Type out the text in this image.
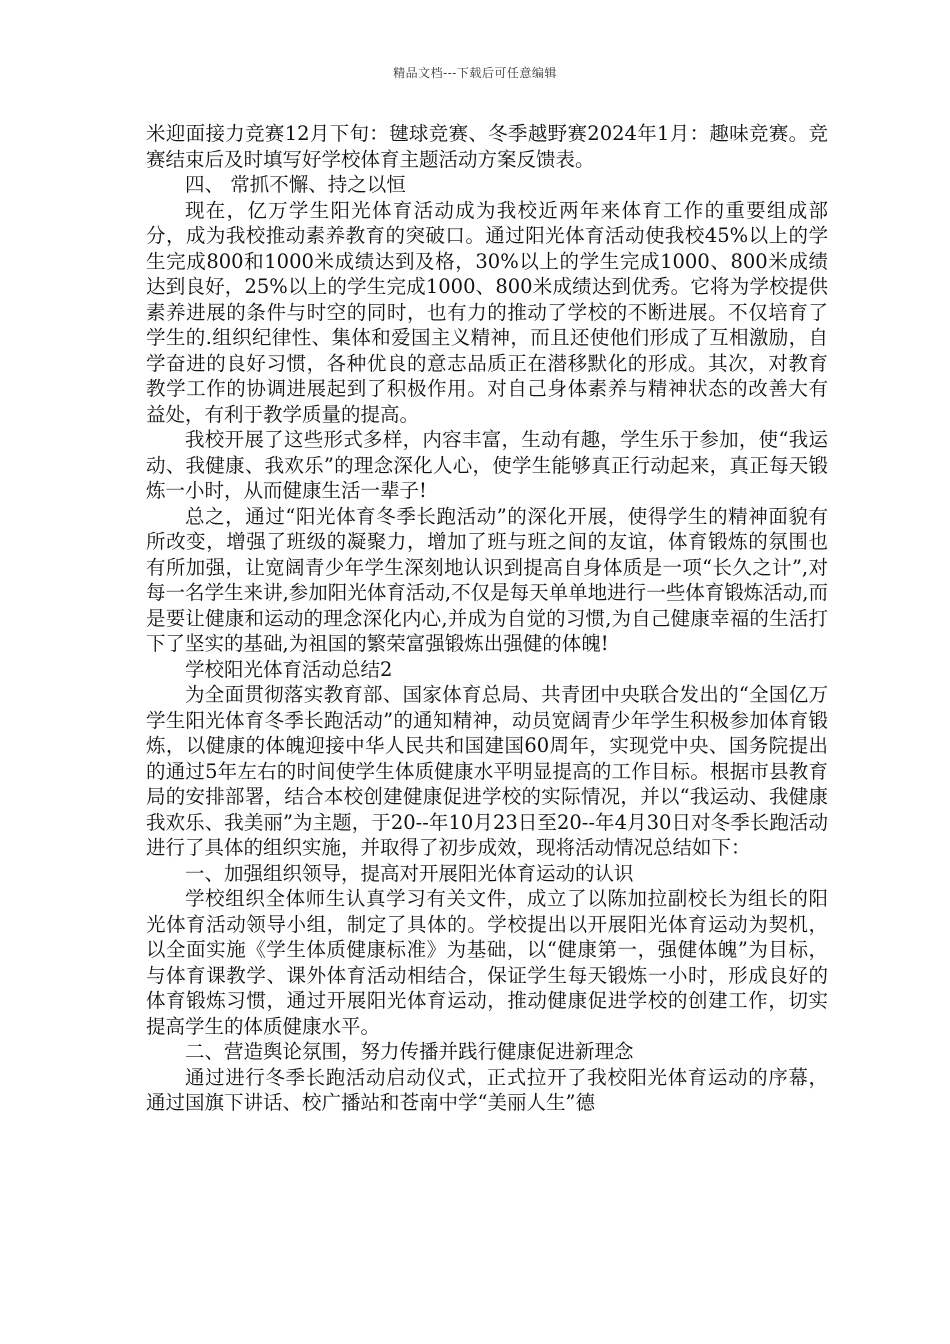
精品文档---下载后可任意编辑

米迎面接力竞赛12月下旬：毽球竞赛、冬季越野赛2024年1月：趣味竞赛。竞赛结束后及时填写好学校体育主题活动方案反馈表。

四、 常抓不懈、持之以恒

现在，亿万学生阳光体育活动成为我校近两年来体育工作的重要组成部分，成为我校推动素养教育的突破口。通过阳光体育活动使我校45%以上的学生完成800和1000米成绩达到及格，30%以上的学生完成1000、800米成绩达到良好，25%以上的学生完成1000、800米成绩达到优秀。它将为学校提供素养进展的条件与时空的同时，也有力的推动了学校的不断进展。不仅培育了学生的.组织纪律性、集体和爱国主义精神，而且还使他们形成了互相激励，自学奋进的良好习惯，各种优良的意志品质正在潜移默化的形成。其次，对教育教学工作的协调进展起到了积极作用。对自己身体素养与精神状态的改善大有益处，有利于教学质量的提高。

我校开展了这些形式多样，内容丰富，生动有趣，学生乐于参加，使“我运动、我健康、我欢乐”的理念深化人心，使学生能够真正行动起来，真正每天锻炼一小时，从而健康生活一辈子!

总之，通过“阳光体育冬季长跑活动”的深化开展，使得学生的精神面貌有所改变，增强了班级的凝聚力，增加了班与班之间的友谊，体育锻炼的氛围也有所加强，让宽阔青少年学生深刻地认识到提高自身体质是一项“长久之计”,对每一名学生来讲,参加阳光体育活动,不仅是每天单单地进行一些体育锻炼活动,而是要让健康和运动的理念深化内心,并成为自觉的习惯,为自己健康幸福的生活打下了坚实的基础,为祖国的繁荣富强锻炼出强健的体魄!

学校阳光体育活动总结2

为全面贯彻落实教育部、国家体育总局、共青团中央联合发出的“全国亿万学生阳光体育冬季长跑活动”的通知精神，动员宽阔青少年学生积极参加体育锻炼，以健康的体魄迎接中华人民共和国建国60周年，实现党中央、国务院提出的通过5年左右的时间使学生体质健康水平明显提高的工作目标。根据市县教育局的安排部署，结合本校创建健康促进学校的实际情况，并以“我运动、我健康我欢乐、我美丽”为主题，于20--年10月23日至20--年4月30日对冬季长跑活动进行了具体的组织实施，并取得了初步成效，现将活动情况总结如下：

一、加强组织领导，提高对开展阳光体育运动的认识

学校组织全体师生认真学习有关文件，成立了以陈加拉副校长为组长的阳光体育活动领导小组，制定了具体的。学校提出以开展阳光体育运动为契机，以全面实施《学生体质健康标准》为基础，以“健康第一，强健体魄”为目标，与体育课教学、课外体育活动相结合，保证学生每天锻炼一小时，形成良好的体育锻炼习惯，通过开展阳光体育运动，推动健康促进学校的创建工作，切实提高学生的体质健康水平。

二、营造舆论氛围，努力传播并践行健康促进新理念

通过进行冬季长跑活动启动仪式，正式拉开了我校阳光体育运动的序幕，通过国旗下讲话、校广播站和苍南中学“美丽人生”德
